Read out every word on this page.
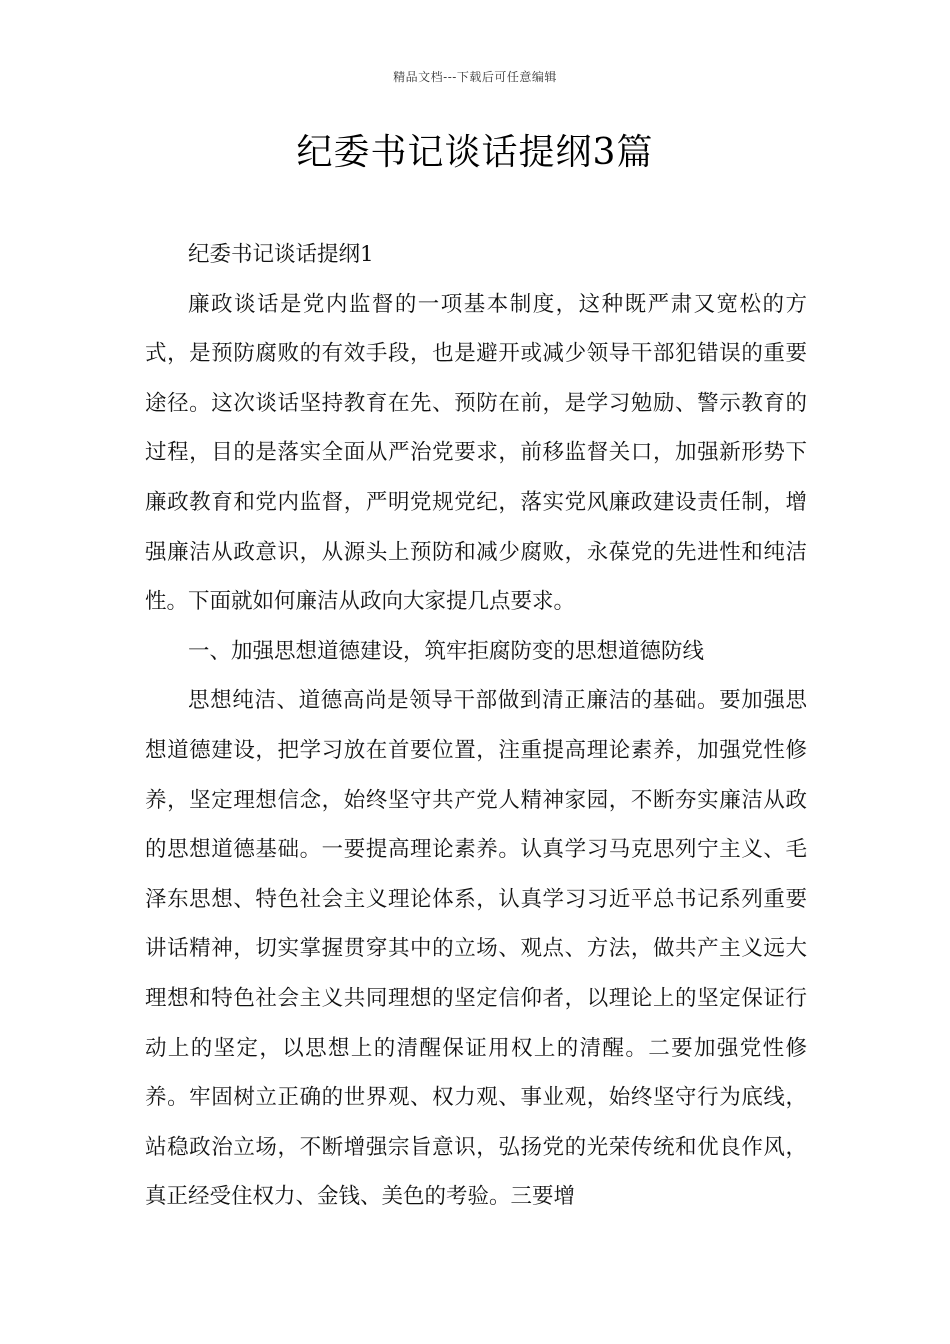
精品文档---下载后可任意编辑
纪委书记谈话提纲3篇

纪委书记谈话提纲1

廉政谈话是党内监督的一项基本制度，这种既严肃又宽松的方式，是预防腐败的有效手段，也是避开或减少领导干部犯错误的重要途径。这次谈话坚持教育在先、预防在前，是学习勉励、警示教育的过程，目的是落实全面从严治党要求，前移监督关口，加强新形势下廉政教育和党内监督，严明党规党纪，落实党风廉政建设责任制，增强廉洁从政意识，从源头上预防和减少腐败，永葆党的先进性和纯洁性。下面就如何廉洁从政向大家提几点要求。

一、加强思想道德建设，筑牢拒腐防变的思想道德防线

思想纯洁、道德高尚是领导干部做到清正廉洁的基础。要加强思想道德建设，把学习放在首要位置，注重提高理论素养，加强党性修养，坚定理想信念，始终坚守共产党人精神家园，不断夯实廉洁从政的思想道德基础。一要提高理论素养。认真学习马克思列宁主义、毛泽东思想、特色社会主义理论体系，认真学习习近平总书记系列重要讲话精神，切实掌握贯穿其中的立场、观点、方法，做共产主义远大理想和特色社会主义共同理想的坚定信仰者，以理论上的坚定保证行动上的坚定，以思想上的清醒保证用权上的清醒。二要加强党性修养。牢固树立正确的世界观、权力观、事业观，始终坚守行为底线，站稳政治立场，不断增强宗旨意识，弘扬党的光荣传统和优良作风，真正经受住权力、金钱、美色的考验。三要增
